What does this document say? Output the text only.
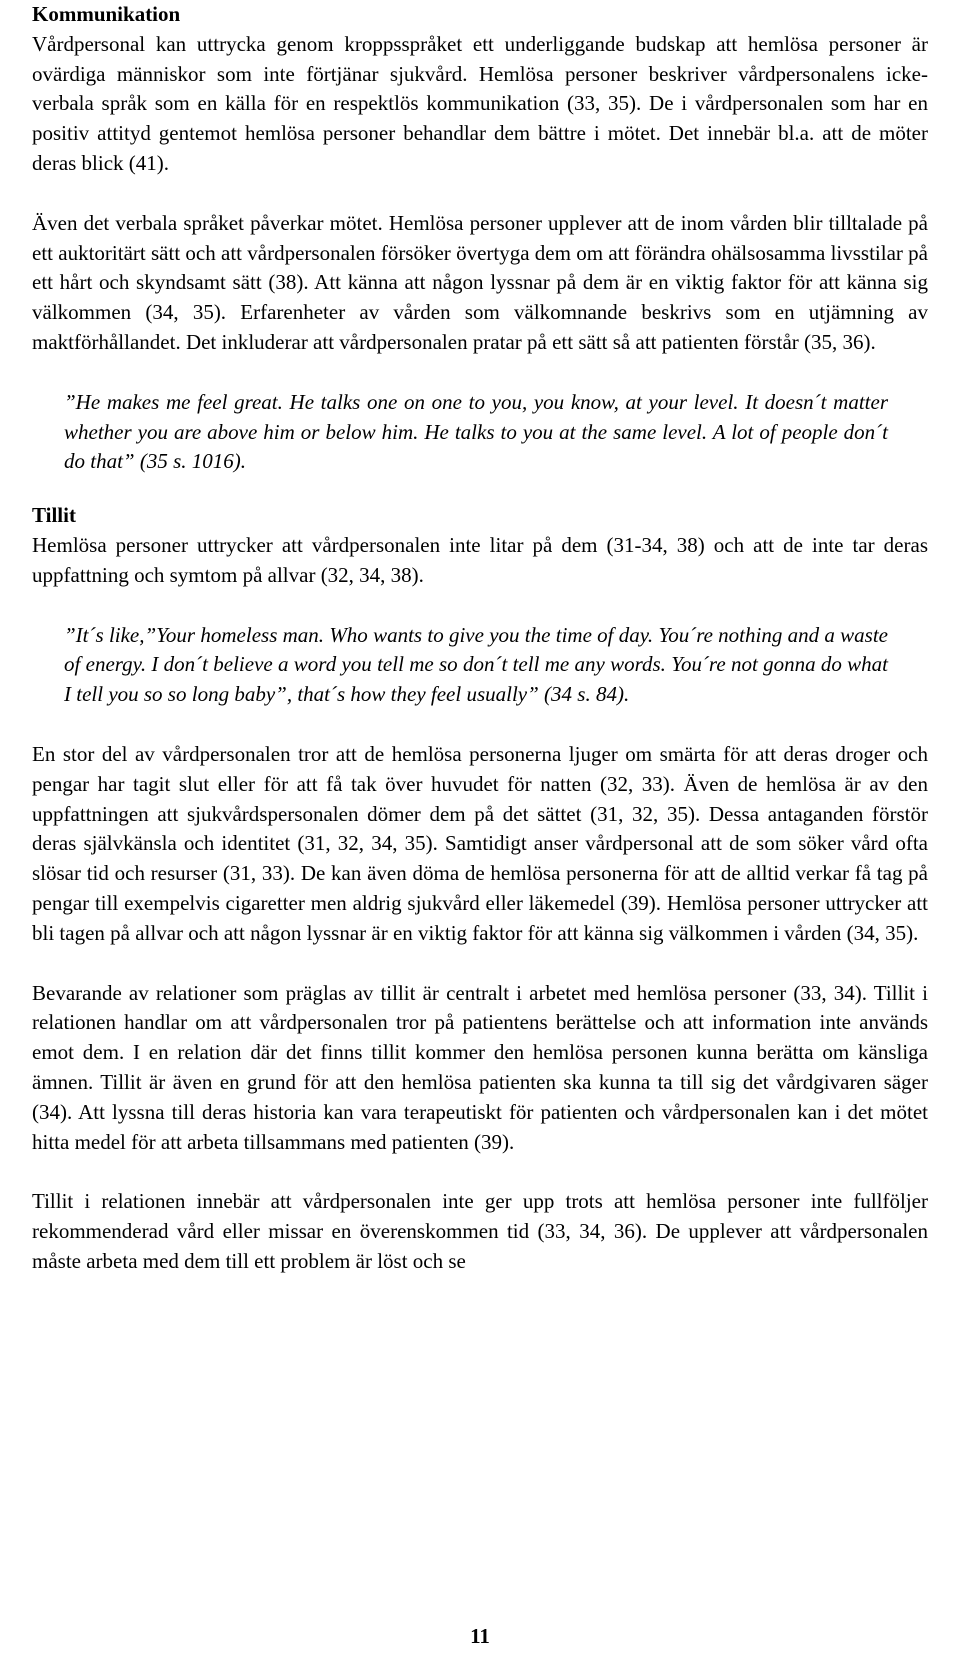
Kommunikation

Vårdpersonal kan uttrycka genom kroppsspråket ett underliggande budskap att hemlösa personer är ovärdiga människor som inte förtjänar sjukvård. Hemlösa personer beskriver vårdpersonalens icke-verbala språk som en källa för en respektlös kommunikation (33, 35). De i vårdpersonalen som har en positiv attityd gentemot hemlösa personer behandlar dem bättre i mötet. Det innebär bl.a. att de möter deras blick (41).

Även det verbala språket påverkar mötet. Hemlösa personer upplever att de inom vården blir tilltalade på ett auktoritärt sätt och att vårdpersonalen försöker övertyga dem om att förändra ohälsosamma livsstilar på ett hårt och skyndsamt sätt (38). Att känna att någon lyssnar på dem är en viktig faktor för att känna sig välkommen (34, 35). Erfarenheter av vården som välkomnande beskrivs som en utjämning av maktförhållandet. Det inkluderar att vårdpersonalen pratar på ett sätt så att patienten förstår (35, 36).

”He makes me feel great. He talks one on one to you, you know, at your level. It doesn´t matter whether you are above him or below him. He talks to you at the same level. A lot of people don´t do that” (35 s. 1016).

Tillit

Hemlösa personer uttrycker att vårdpersonalen inte litar på dem (31-34, 38) och att de inte tar deras uppfattning och symtom på allvar (32, 34, 38).

”It´s like,”Your homeless man. Who wants to give you the time of day. You´re nothing and a waste of energy. I don´t believe a word you tell me so don´t tell me any words. You´re not gonna do what I tell you so so long baby”, that´s how they feel usually” (34 s. 84).

En stor del av vårdpersonalen tror att de hemlösa personerna ljuger om smärta för att deras droger och pengar har tagit slut eller för att få tak över huvudet för natten (32, 33). Även de hemlösa är av den uppfattningen att sjukvårdspersonalen dömer dem på det sättet (31, 32, 35). Dessa antaganden förstör deras självkänsla och identitet (31, 32, 34, 35). Samtidigt anser vårdpersonal att de som söker vård ofta slösar tid och resurser (31, 33). De kan även döma de hemlösa personerna för att de alltid verkar få tag på pengar till exempelvis cigaretter men aldrig sjukvård eller läkemedel (39). Hemlösa personer uttrycker att bli tagen på allvar och att någon lyssnar är en viktig faktor för att känna sig välkommen i vården (34, 35).

Bevarande av relationer som präglas av tillit är centralt i arbetet med hemlösa personer (33, 34). Tillit i relationen handlar om att vårdpersonalen tror på patientens berättelse och att information inte används emot dem. I en relation där det finns tillit kommer den hemlösa personen kunna berätta om känsliga ämnen. Tillit är även en grund för att den hemlösa patienten ska kunna ta till sig det vårdgivaren säger (34). Att lyssna till deras historia kan vara terapeutiskt för patienten och vårdpersonalen kan i det mötet hitta medel för att arbeta tillsammans med patienten (39).

Tillit i relationen innebär att vårdpersonalen inte ger upp trots att hemlösa personer inte fullföljer rekommenderad vård eller missar en överenskommen tid (33, 34, 36). De upplever att vårdpersonalen måste arbeta med dem till ett problem är löst och se

11
